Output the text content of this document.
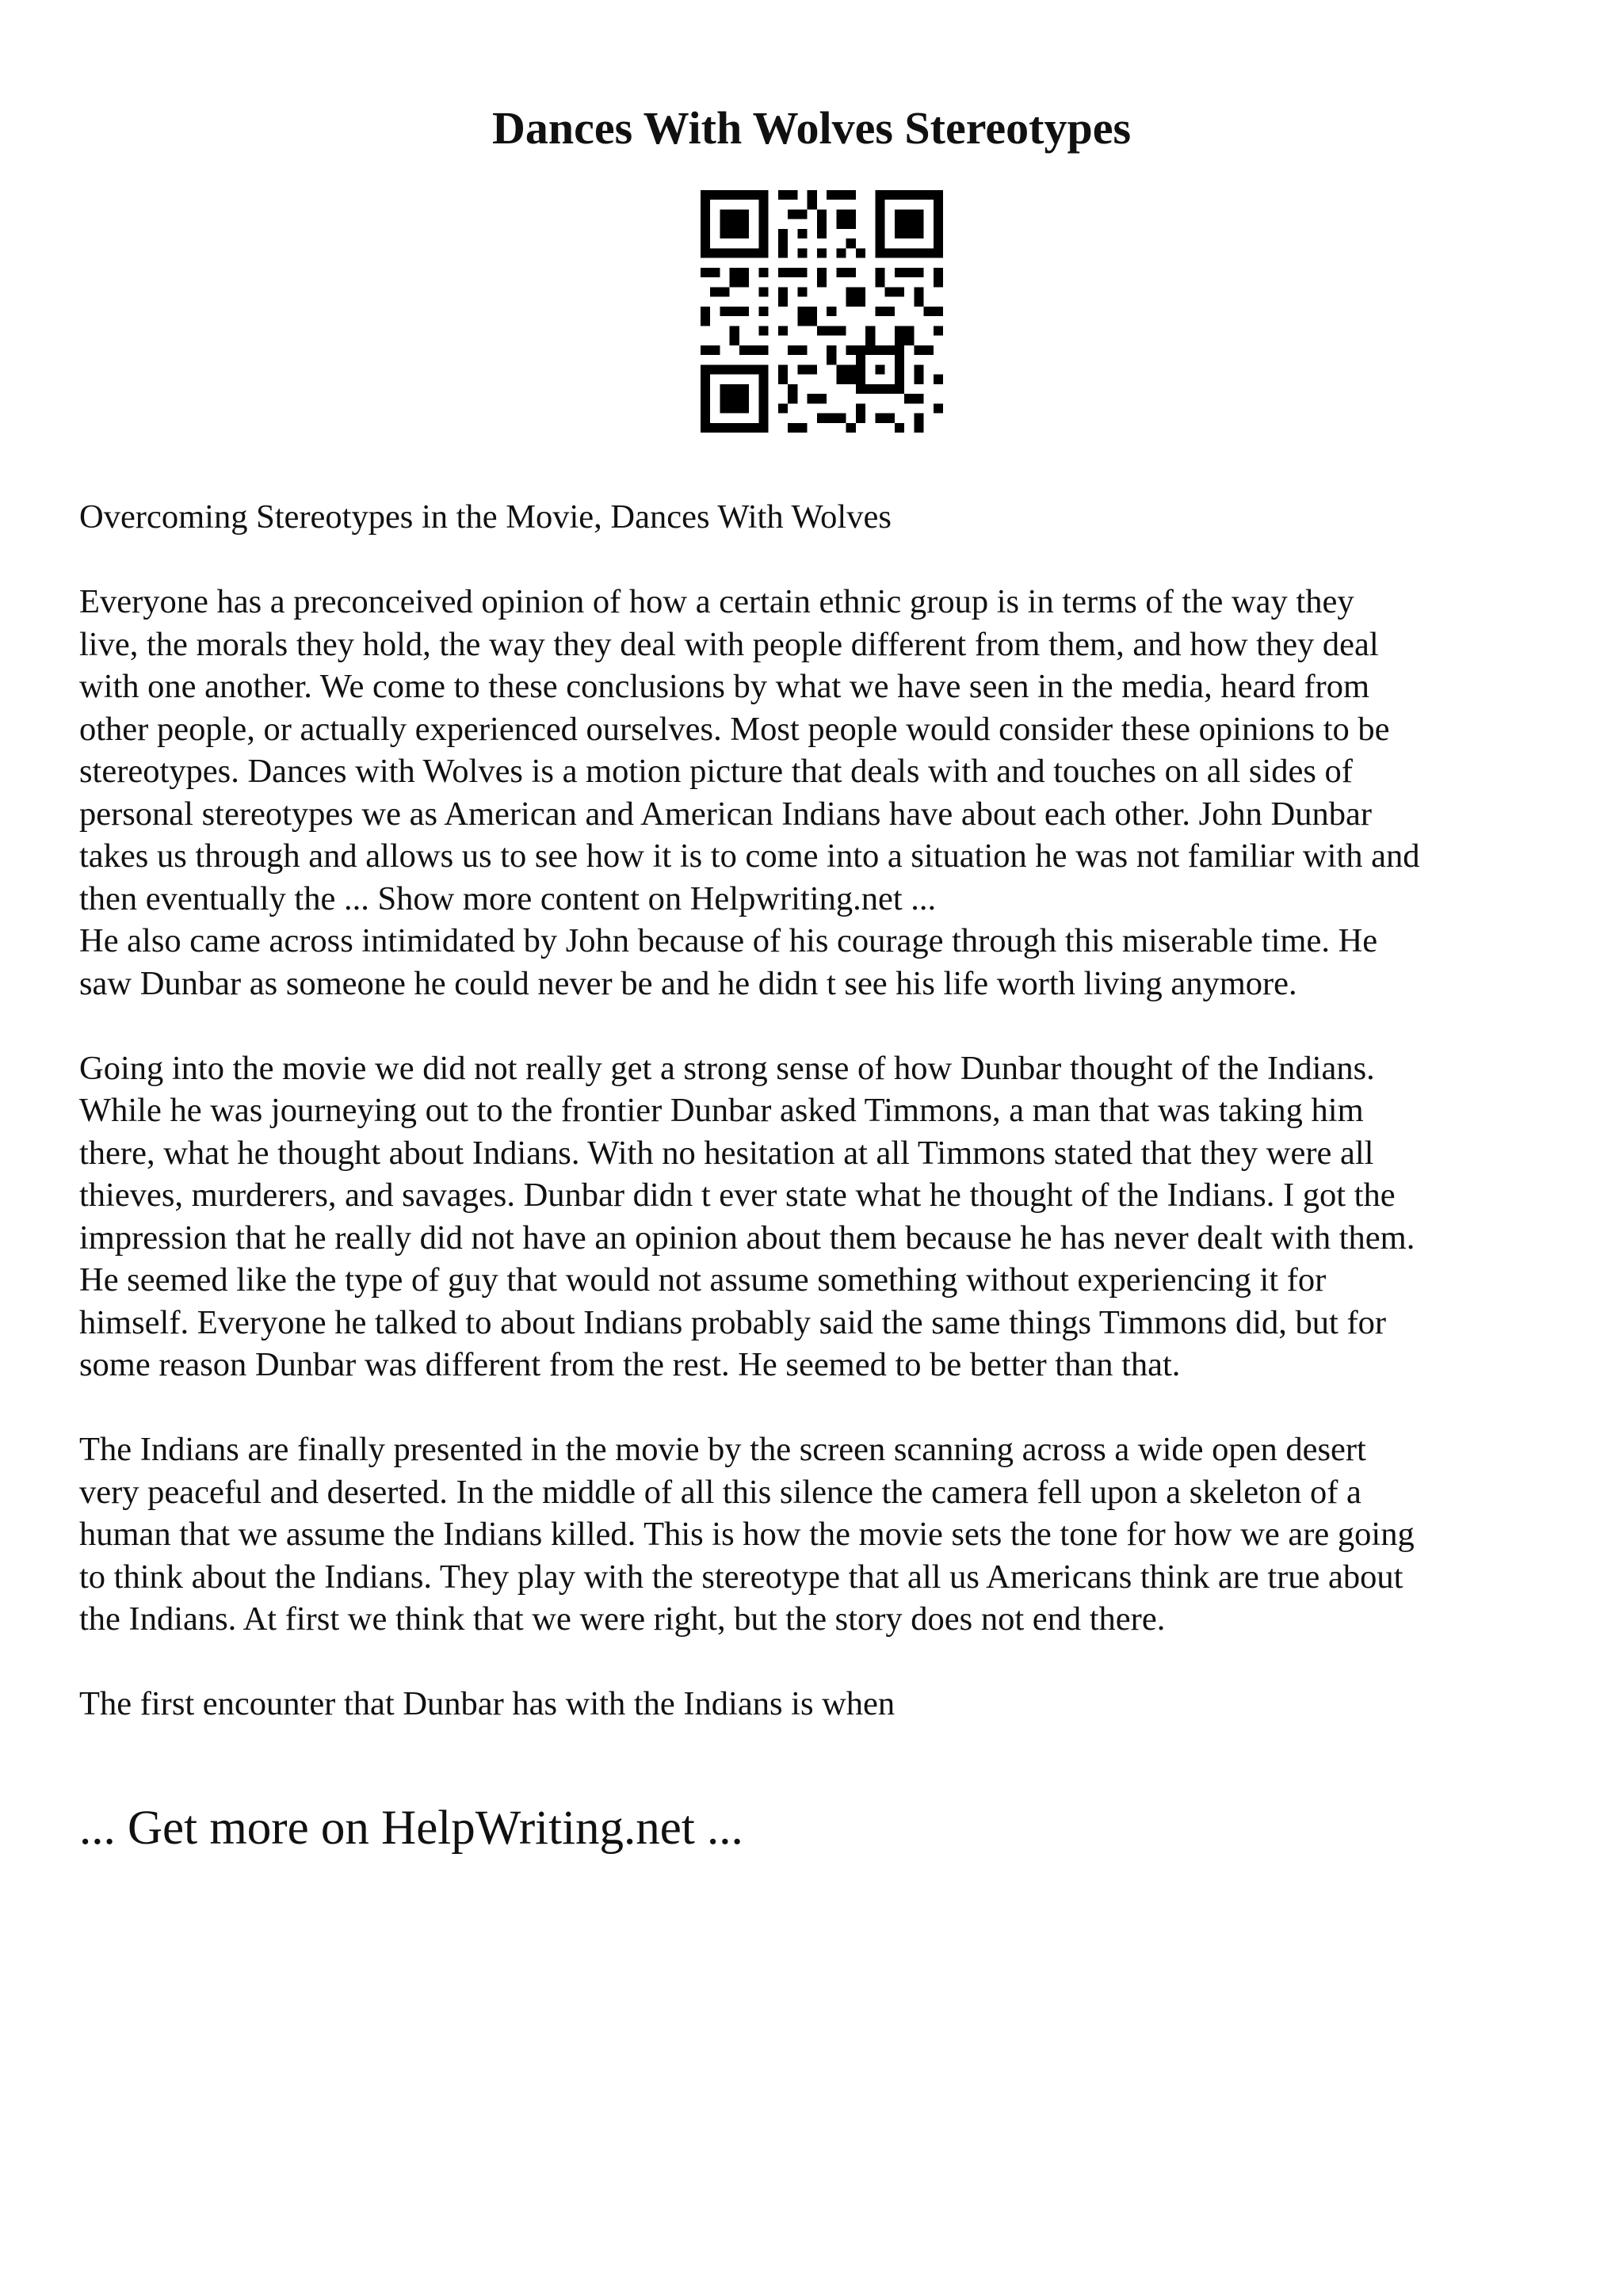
Dances With Wolves Stereotypes

Overcoming Stereotypes in the Movie, Dances With Wolves

Everyone has a preconceived opinion of how a certain ethnic group is in terms of the way they
live, the morals they hold, the way they deal with people different from them, and how they deal
with one another. We come to these conclusions by what we have seen in the media, heard from
other people, or actually experienced ourselves. Most people would consider these opinions to be
stereotypes. Dances with Wolves is a motion picture that deals with and touches on all sides of
personal stereotypes we as American and American Indians have about each other. John Dunbar
takes us through and allows us to see how it is to come into a situation he was not familiar with and
then eventually the ... Show more content on Helpwriting.net ...

He also came across intimidated by John because of his courage through this miserable time. He
saw Dunbar as someone he could never be and he didn t see his life worth living anymore.

Going into the movie we did not really get a strong sense of how Dunbar thought of the Indians.
While he was journeying out to the frontier Dunbar asked Timmons, a man that was taking him
there, what he thought about Indians. With no hesitation at all Timmons stated that they were all
thieves, murderers, and savages. Dunbar didn t ever state what he thought of the Indians. I got the
impression that he really did not have an opinion about them because he has never dealt with them.
He seemed like the type of guy that would not assume something without experiencing it for
himself. Everyone he talked to about Indians probably said the same things Timmons did, but for
some reason Dunbar was different from the rest. He seemed to be better than that.

The Indians are finally presented in the movie by the screen scanning across a wide open desert
very peaceful and deserted. In the middle of all this silence the camera fell upon a skeleton of a
human that we assume the Indians killed. This is how the movie sets the tone for how we are going
to think about the Indians. They play with the stereotype that all us Americans think are true about
the Indians. At first we think that we were right, but the story does not end there.

The first encounter that Dunbar has with the Indians is when

... Get more on HelpWriting.net ...
